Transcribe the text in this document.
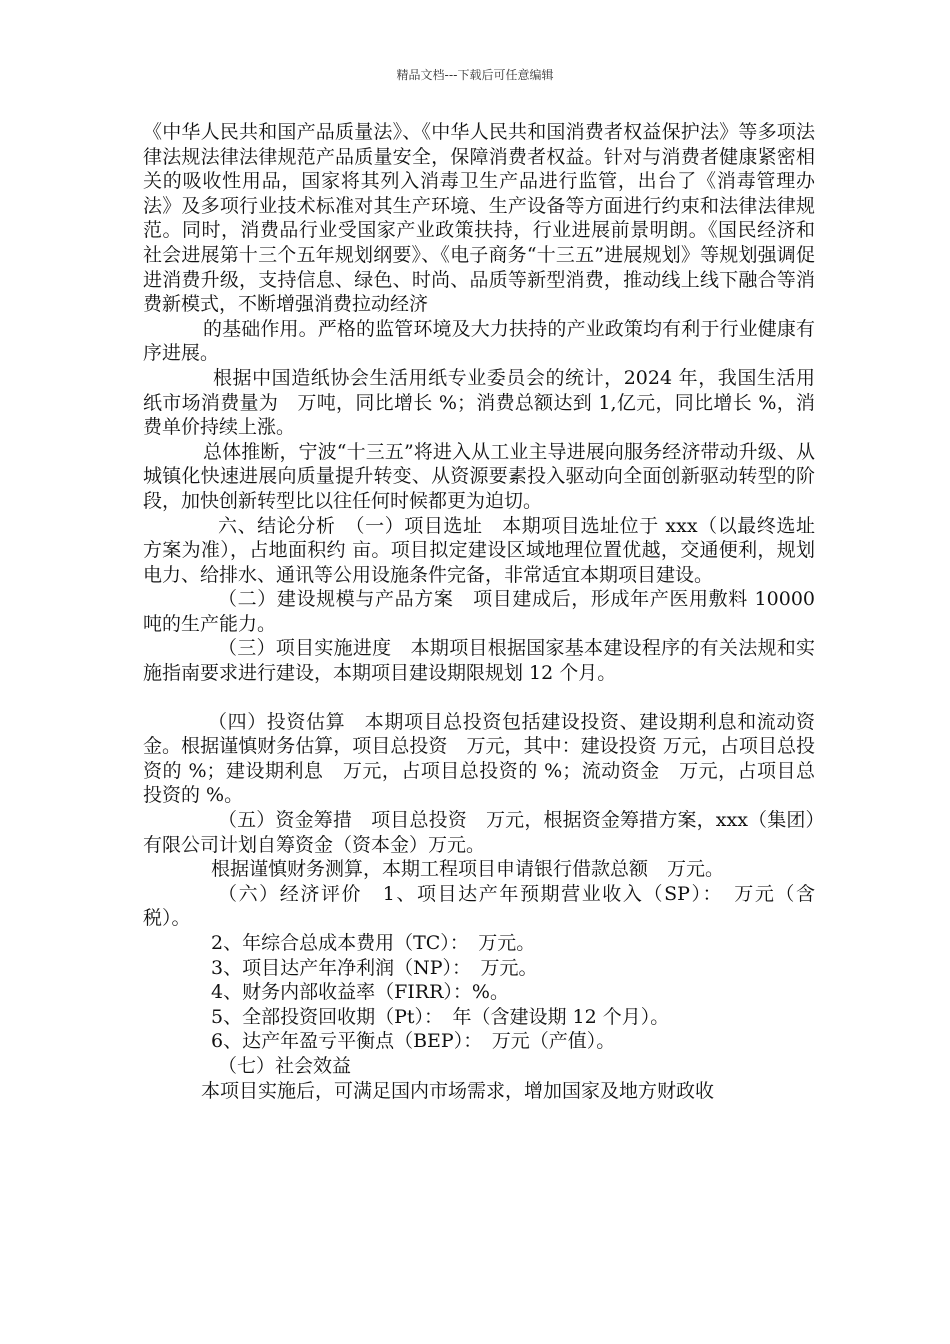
精品文档---下载后可任意编辑

《中华人民共和国产品质量法》、《中华人民共和国消费者权益保护法》等多项法律法规法律法律规范产品质量安全，保障消费者权益。针对与消费者健康紧密相关的吸收性用品，国家将其列入消毒卫生产品进行监管，出台了《消毒管理办法》及多项行业技术标准对其生产环境、生产设备等方面进行约束和法律法律规范。同时，消费品行业受国家产业政策扶持，行业进展前景明朗。《国民经济和社会进展第十三个五年规划纲要》、《电子商务“十三五”进展规划》等规划强调促进消费升级，支持信息、绿色、时尚、品质等新型消费，推动线上线下融合等消费新模式，不断增强消费拉动经济

的基础作用。严格的监管环境及大力扶持的产业政策均有利于行业健康有序进展。

根据中国造纸协会生活用纸专业委员会的统计，2024 年，我国生活用纸市场消费量为　万吨，同比增长 %；消费总额达到 1,亿元，同比增长 %，消费单价持续上涨。

总体推断，宁波“十三五”将进入从工业主导进展向服务经济带动升级、从城镇化快速进展向质量提升转变、从资源要素投入驱动向全面创新驱动转型的阶段，加快创新转型比以往任何时候都更为迫切。

六、结论分析　（一）项目选址　本期项目选址位于 xxx（以最终选址方案为准），占地面积约 亩。项目拟定建设区域地理位置优越，交通便利，规划电力、给排水、通讯等公用设施条件完备，非常适宜本期项目建设。

（二）建设规模与产品方案　项目建成后，形成年产医用敷料 10000 吨的生产能力。

（三）项目实施进度　本期项目根据国家基本建设程序的有关法规和实施指南要求进行建设，本期项目建设期限规划 12 个月。

（四）投资估算　本期项目总投资包括建设投资、建设期利息和流动资金。根据谨慎财务估算，项目总投资　万元，其中：建设投资 万元，占项目总投资的 %；建设期利息　万元，占项目总投资的 %；流动资金　万元，占项目总投资的 %。

（五）资金筹措　项目总投资　万元，根据资金筹措方案，xxx（集团）有限公司计划自筹资金（资本金）万元。

根据谨慎财务测算，本期工程项目申请银行借款总额　万元。

（六）经济评价　1、项目达产年预期营业收入（SP）：　万元（含税）。

2、年综合总成本费用（TC）：　万元。

3、项目达产年净利润（NP）：　万元。

4、财务内部收益率（FIRR）：%。

5、全部投资回收期（Pt）：　年（含建设期 12 个月）。

6、达产年盈亏平衡点（BEP）：　万元（产值）。

（七）社会效益

本项目实施后，可满足国内市场需求，增加国家及地方财政收
